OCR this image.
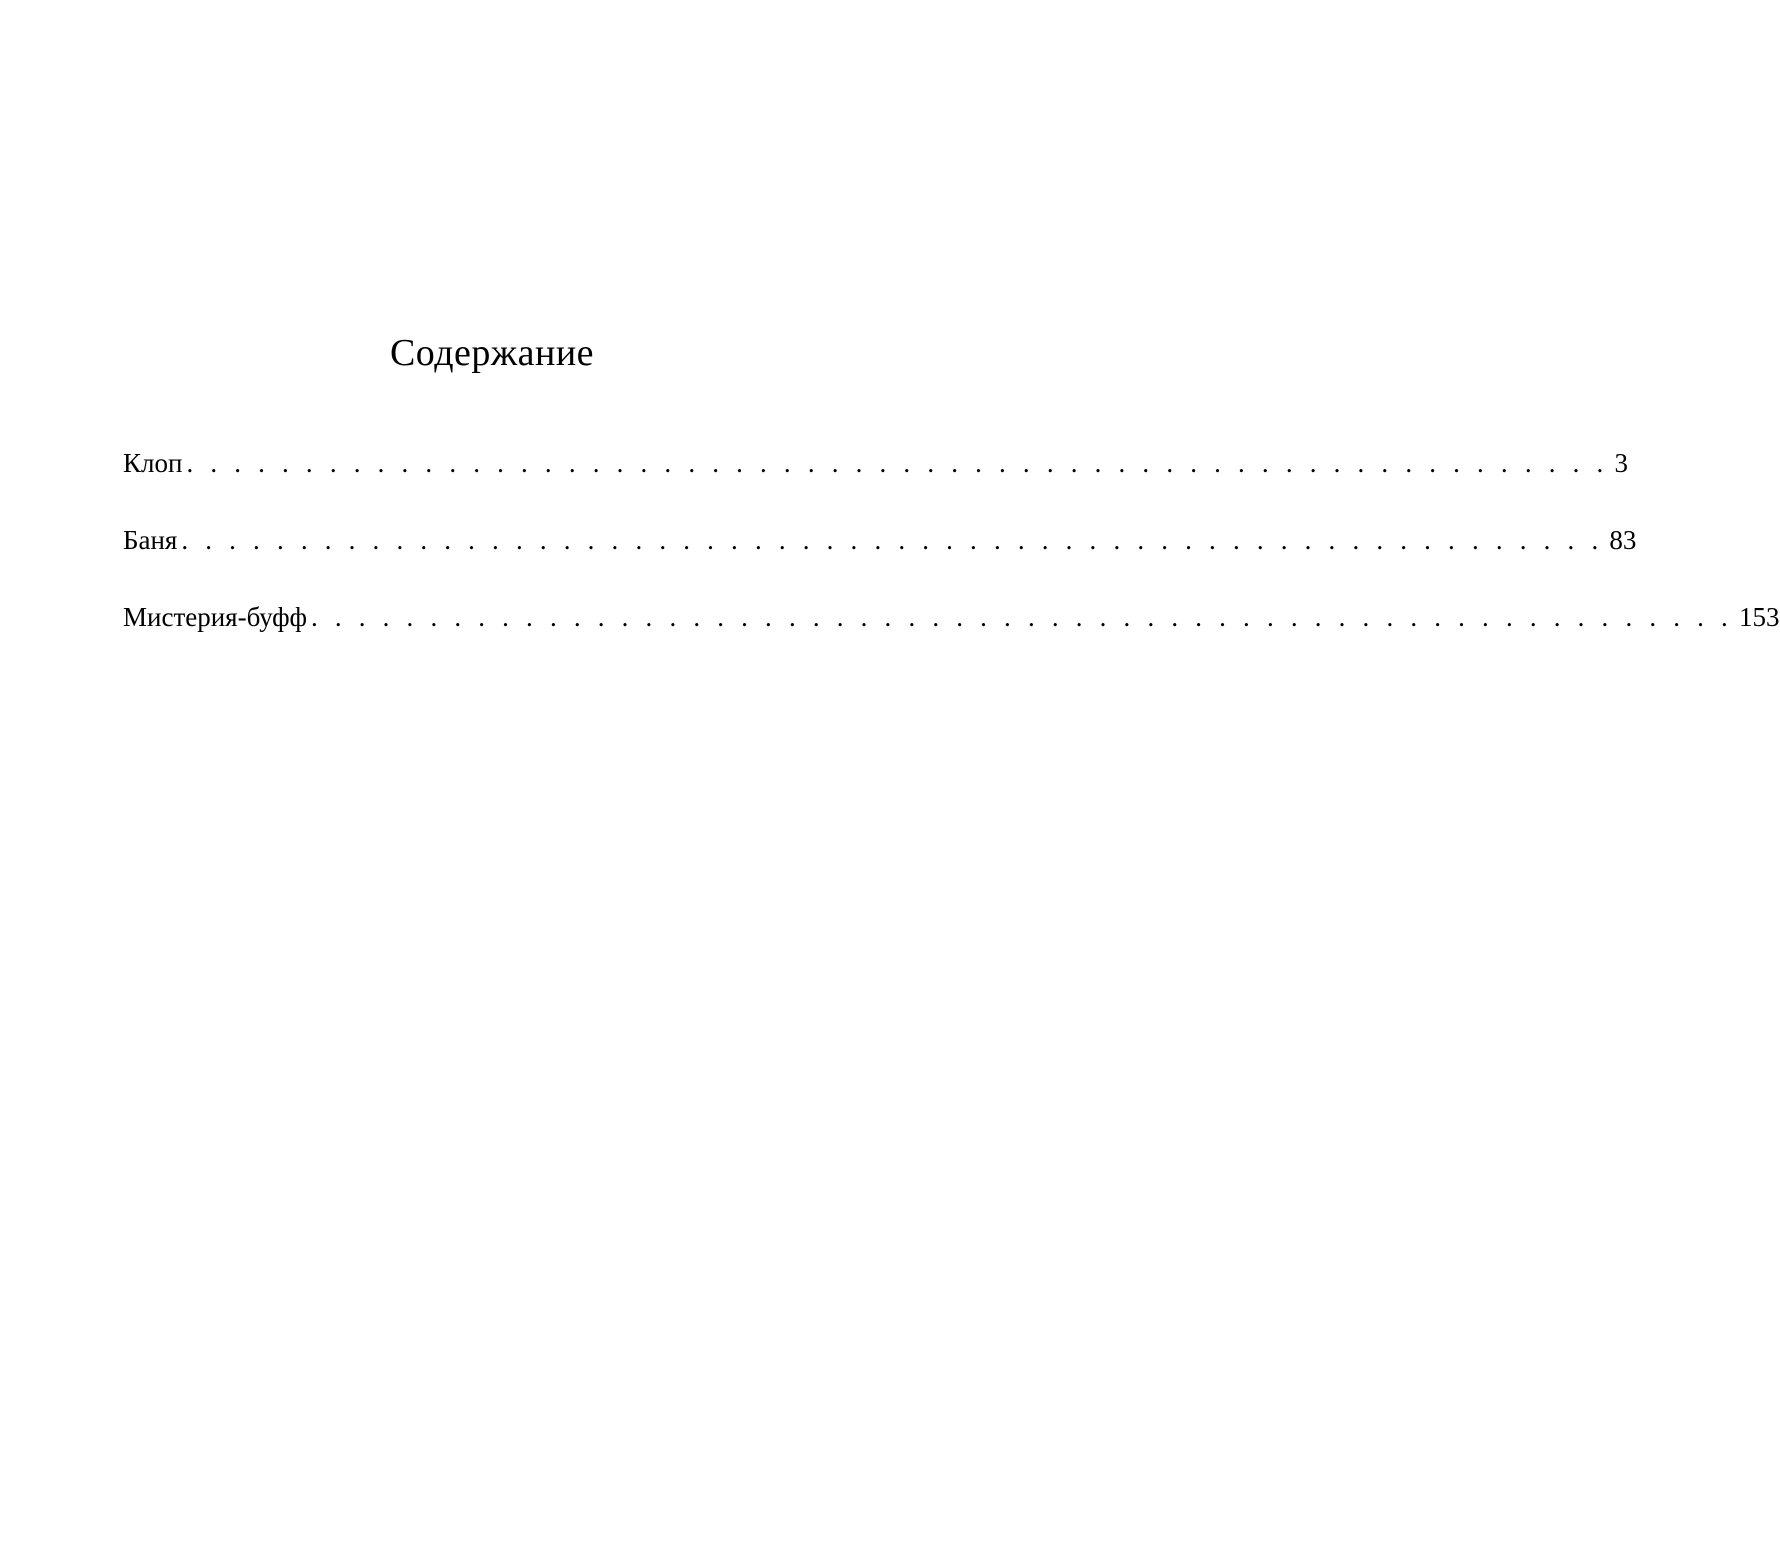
Содержание
Клоп . . . . . . . . . . . . . . . . . . . . . . . . . . . . . . . . . . . . . . . . . . . . . . . . . . . . . . . . . . . . 3
Баня . . . . . . . . . . . . . . . . . . . . . . . . . . . . . . . . . . . . . . . . . . . . . . . . . . . . . . . . . . . . 83
Мистерия-буфф . . . . . . . . . . . . . . . . . . . . . . . . . . . . . . . . . . . . . . . . . . . . . . . . . . . . . . . . . . . . 153
